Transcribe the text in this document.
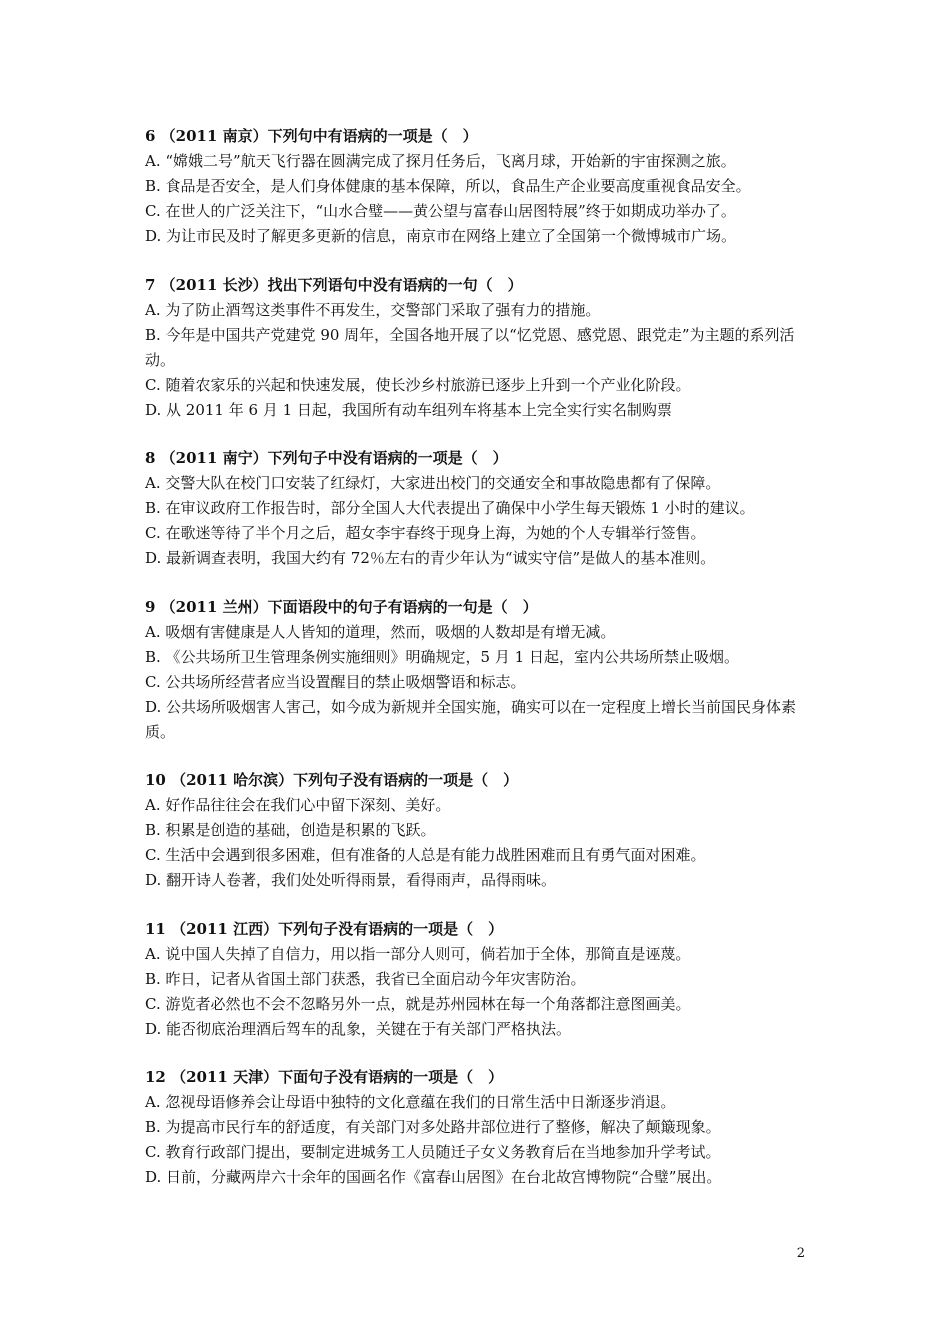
6 （2011 南京）下列句中有语病的一项是（　）
A. “嫦娥二号”航天飞行器在圆满完成了探月任务后，飞离月球，开始新的宇宙探测之旅。
B. 食品是否安全，是人们身体健康的基本保障，所以，食品生产企业要高度重视食品安全。
C. 在世人的广泛关注下，“山水合璧——黄公望与富春山居图特展”终于如期成功举办了。
D. 为让市民及时了解更多更新的信息，南京市在网络上建立了全国第一个微博城市广场。
7 （2011 长沙）找出下列语句中没有语病的一句（　）
A. 为了防止酒驾这类事件不再发生，交警部门采取了强有力的措施。
B. 今年是中国共产党建党 90 周年，全国各地开展了以“忆党恩、感党恩、跟党走”为主题的系列活动。
C. 随着农家乐的兴起和快速发展，使长沙乡村旅游已逐步上升到一个产业化阶段。
D. 从 2011 年 6 月 1 日起，我国所有动车组列车将基本上完全实行实名制购票
8 （2011 南宁）下列句子中没有语病的一项是（　）
A. 交警大队在校门口安装了红绿灯，大家进出校门的交通安全和事故隐患都有了保障。
B. 在审议政府工作报告时，部分全国人大代表提出了确保中小学生每天锻炼 1 小时的建议。
C. 在歌迷等待了半个月之后，超女李宇春终于现身上海，为她的个人专辑举行签售。
D. 最新调查表明，我国大约有 72％左右的青少年认为“诚实守信”是做人的基本准则。
9 （2011 兰州）下面语段中的句子有语病的一句是（　）
A. 吸烟有害健康是人人皆知的道理，然而，吸烟的人数却是有增无减。
B. 《公共场所卫生管理条例实施细则》明确规定，5 月 1 日起，室内公共场所禁止吸烟。
C. 公共场所经营者应当设置醒目的禁止吸烟警语和标志。
D. 公共场所吸烟害人害己，如今成为新规并全国实施，确实可以在一定程度上增长当前国民身体素质。
10 （2011 哈尔滨）下列句子没有语病的一项是（　）
A. 好作品往往会在我们心中留下深刻、美好。
B. 积累是创造的基础，创造是积累的飞跃。
C. 生活中会遇到很多困难，但有准备的人总是有能力战胜困难而且有勇气面对困难。
D. 翻开诗人卷著，我们处处听得雨景，看得雨声，品得雨味。
11 （2011 江西）下列句子没有语病的一项是（　）
A. 说中国人失掉了自信力，用以指一部分人则可，倘若加于全体，那简直是诬蔑。
B. 昨日，记者从省国土部门获悉，我省已全面启动今年灾害防治。
C. 游览者必然也不会不忽略另外一点，就是苏州园林在每一个角落都注意图画美。
D. 能否彻底治理酒后驾车的乱象，关键在于有关部门严格执法。
12 （2011 天津）下面句子没有语病的一项是（　）
A. 忽视母语修养会让母语中独特的文化意蕴在我们的日常生活中日渐逐步消退。
B. 为提高市民行车的舒适度，有关部门对多处路井部位进行了整修，解决了颠簸现象。
C. 教育行政部门提出，要制定进城务工人员随迁子女义务教育后在当地参加升学考试。
D. 日前，分藏两岸六十余年的国画名作《富春山居图》在台北故宫博物院“合璧”展出。
2
